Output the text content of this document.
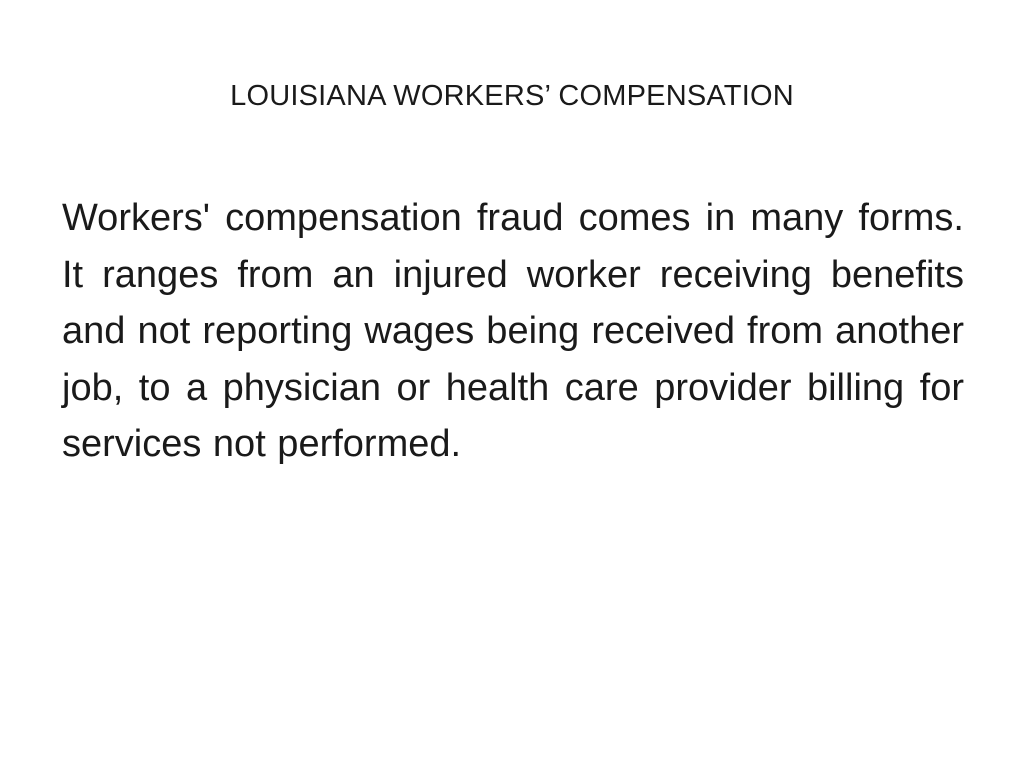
LOUISIANA WORKERS’ COMPENSATION

Workers' compensation fraud comes in many forms. It ranges from an injured worker receiving benefits and not reporting wages being received from another job, to a physician or health care provider billing for services not performed.
